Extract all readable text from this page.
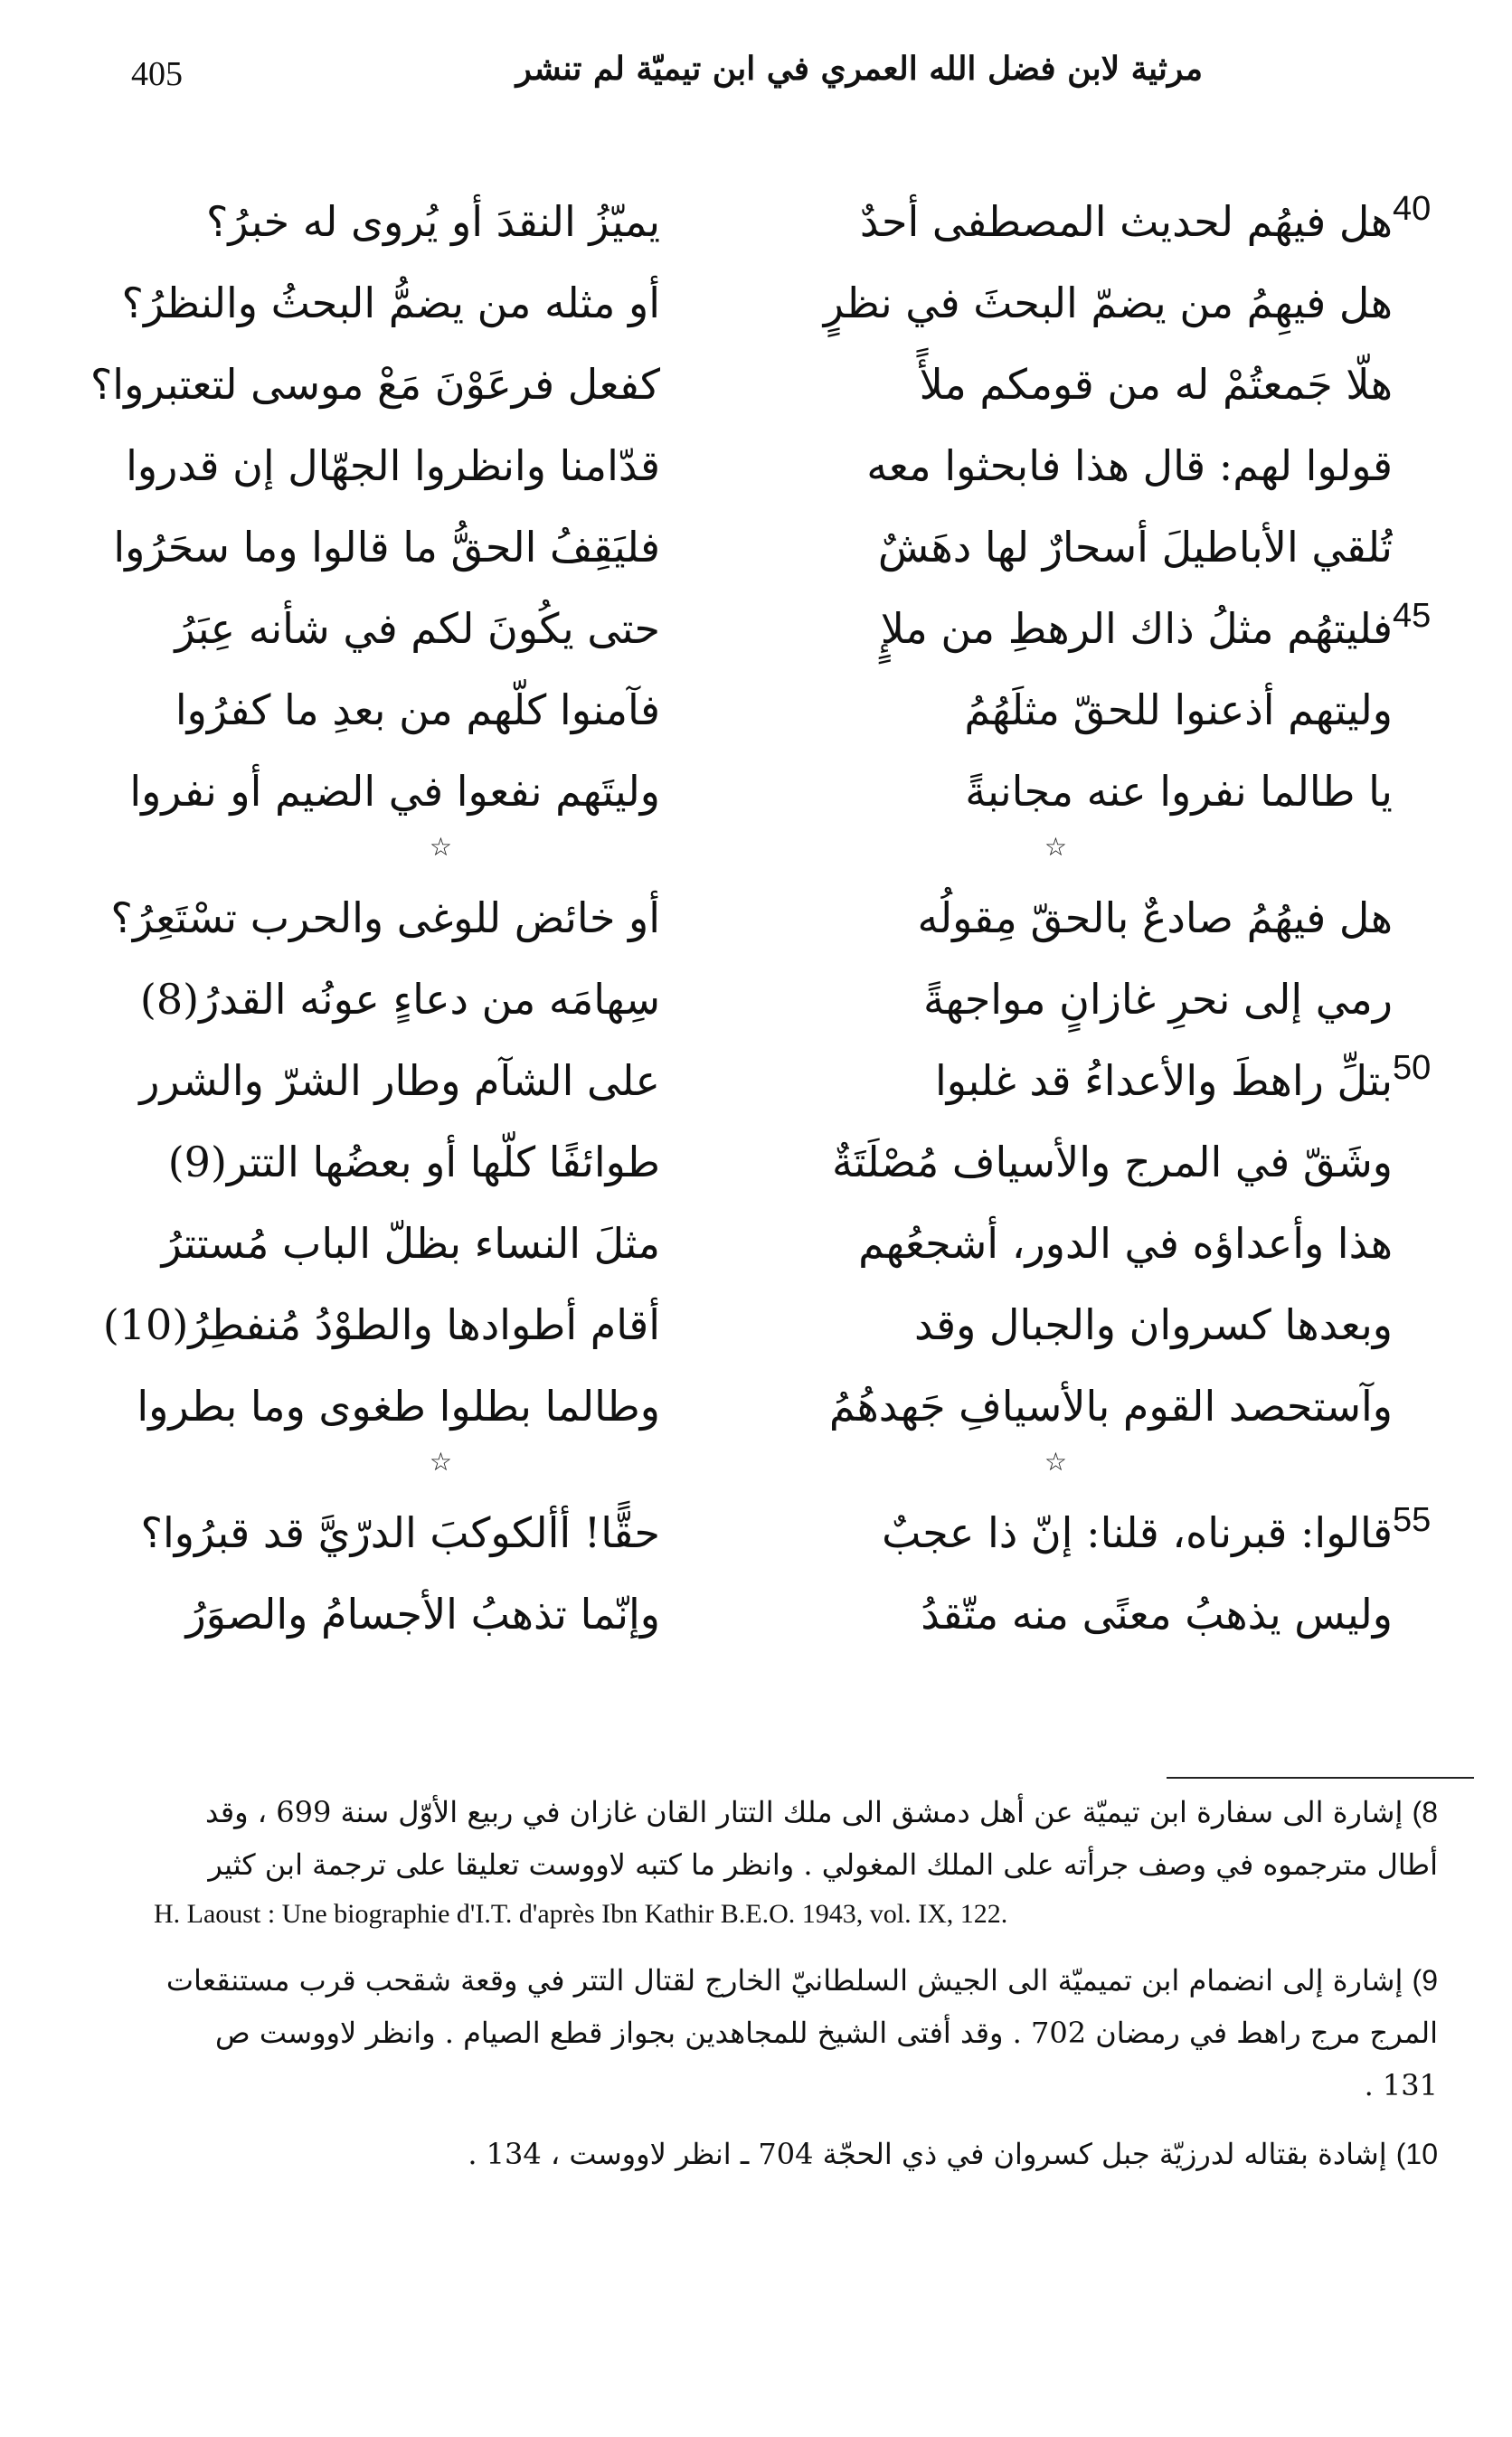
405	مرثية لابن فضل الله العمري في ابن تيميّة لم تنشر
40
هل فيهُم لحديث المصطفى أحدٌ
يميّزُ النقدَ أو يُروى له خبرُ؟
هل فيهِمُ من يضمّ البحثَ في نظرٍ
أو مثله من يضمُّ البحثُ والنظرُ؟
هلّا جَمعتُمْ له من قومكم ملأً
كفعل فرعَوْنَ مَعْ موسى لتعتبروا؟
قولوا لهم: قال هذا فابحثوا معه
قدّامنا وانظروا الجهّال إن قدروا
تُلقي الأباطيلَ أسحارٌ لها دهَشٌ
فليَقِفُ الحقُّ ما قالوا وما سحَرُوا
45
فليتهُم مثلُ ذاك الرهطِ من ملإٍ
حتى يكُونَ لكم في شأنه عِبَرُ
وليتهم أذعنوا للحقّ مثلَهُمُ
فآمنوا كلّهم من بعدِ ما كفرُوا
يا طالما نفروا عنه مجانبةً
وليتَهم نفعوا في الضيم أو نفروا
☆
☆
هل فيهُمُ صادعٌ بالحقّ مِقولُه
أو خائض للوغى والحرب تسْتَعِرُ؟
رمي إلى نحرِ غازانٍ مواجهةً
سِهامَه من دعاءٍ عونُه القدرُ(8)
50
بتلِّ راهطَ والأعداءُ قد غلبوا
على الشآم وطار الشرّ والشرر
وشَقّ في المرج والأسياف مُصْلَتَةٌ
طوائفًا كلّها أو بعضُها التتر(9)
هذا وأعداؤه في الدور، أشجعُهم
مثلَ النساء بظلّ الباب مُستترُ
وبعدها كسروان والجبال وقد
أقام أطوادها والطوْدُ مُنفطِرُ(10)
وآستحصد القوم بالأسيافِ جَهدهُمُ
وطالما بطلوا طغوى وما بطروا
☆
☆
55
قالوا: قبرناه، قلنا: إنّ ذا عجبٌ
حقًّا! أألكوكبَ الدرّيَّ قد قبرُوا؟
وليس يذهبُ معنًى منه متّقدُ
وإنّما تذهبُ الأجسامُ والصوَرُ
8) إشارة الى سفارة ابن تيميّة عن أهل دمشق الى ملك التتار القان غازان في ربيع الأوّل سنة 699 ، وقد أطال مترجموه في وصف جرأته على الملك المغولي . وانظر ما كتبه لاووست تعليقا على ترجمة ابن كثير
H. Laoust : Une biographie d'I.T. d'après Ibn Kathir B.E.O. 1943, vol. IX, 122.
9) إشارة إلى انضمام ابن تميميّة الى الجيش السلطانيّ الخارج لقتال التتر في وقعة شقحب قرب مستنقعات المرج مرج راهط في رمضان 702 . وقد أفتى الشيخ للمجاهدين بجواز قطع الصيام . وانظر لاووست ص 131 .
10) إشادة بقتاله لدرزيّة جبل كسروان في ذي الحجّة 704 ـ انظر لاووست ، 134 .
